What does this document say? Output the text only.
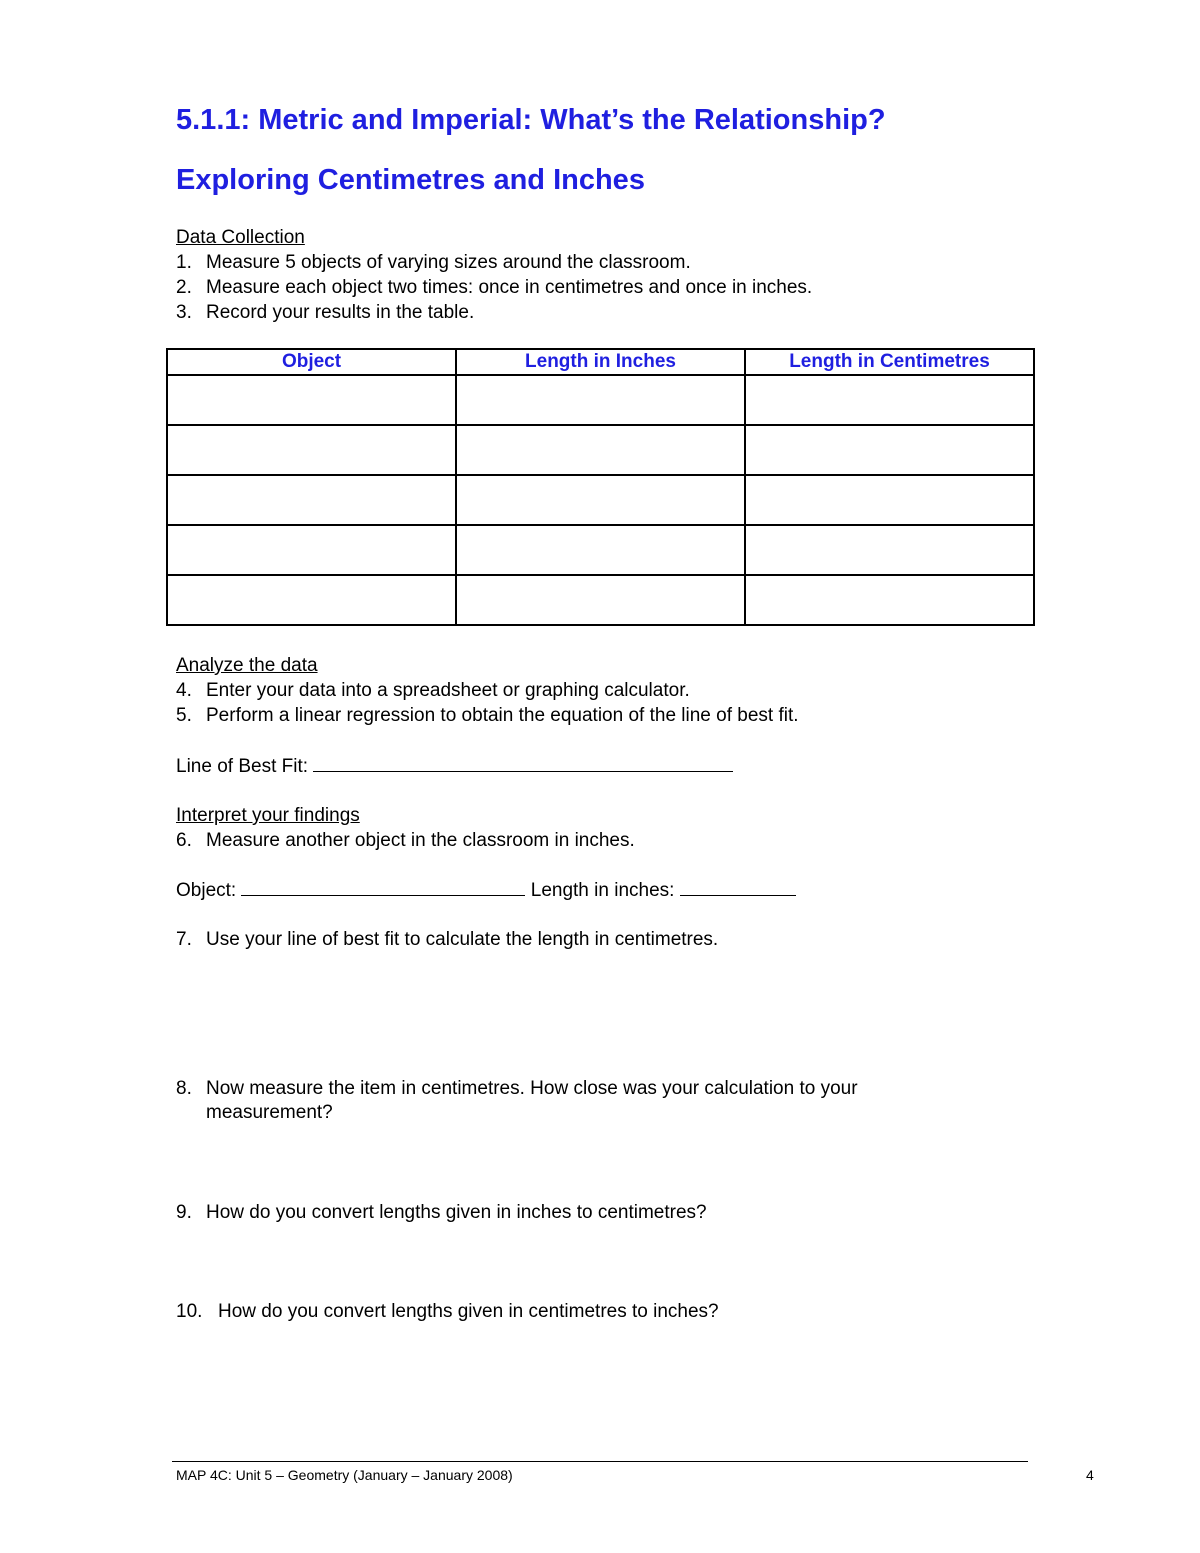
5.1.1: Metric and Imperial: What’s the Relationship?
Exploring Centimetres and Inches
Data Collection
1. Measure 5 objects of varying sizes around the classroom.
2. Measure each object two times: once in centimetres and once in inches.
3. Record your results in the table.
Object	Length in Inches	Length in Centimetres

Analyze the data
4. Enter your data into a spreadsheet or graphing calculator.
5. Perform a linear regression to obtain the equation of the line of best fit.
Line of Best Fit:
Interpret your findings
6. Measure another object in the classroom in inches.
Object:	Length in inches:
7. Use your line of best fit to calculate the length in centimetres.
8. Now measure the item in centimetres. How close was your calculation to your
measurement?
9. How do you convert lengths given in inches to centimetres?
10. How do you convert lengths given in centimetres to inches?
MAP 4C: Unit 5 – Geometry (January – January 2008)	4
